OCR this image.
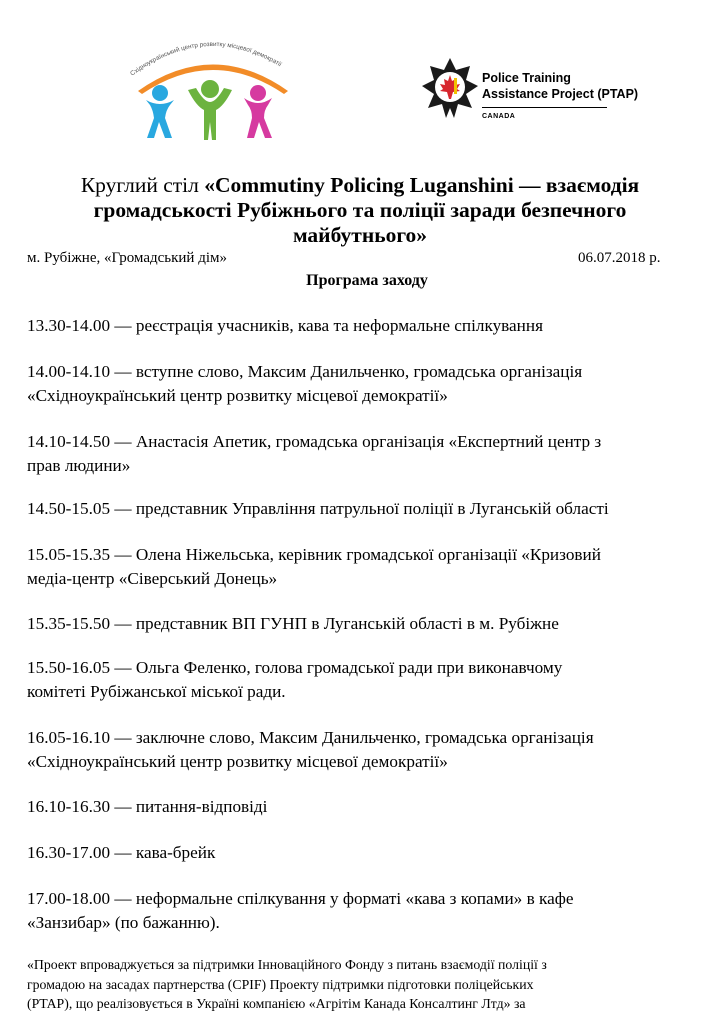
Східноукраїнський центр розвитку місцевої демократії
Police Training
Assistance Project (PTAP)
CANADA
Круглий стіл «Commutiny Policing Luganshini — взаємодія
громадськості Рубіжнього та поліції заради безпечного
майбутнього»
м. Рубіжне, «Громадський дім»	06.07.2018 р.
Програма заходу
13.30-14.00 — реєстрація учасників, кава та неформальне спілкування
14.00-14.10 — вступне слово, Максим Данильченко, громадська організація
«Східноукраїнський центр розвитку місцевої демократії»
14.10-14.50 — Анастасія Апетик, громадська організація «Експертний центр з
прав людини»
14.50-15.05 — представник Управління патрульної поліції в Луганській області
15.05-15.35 — Олена Ніжельська, керівник громадської організації «Кризовий
медіа-центр «Сіверський Донець»
15.35-15.50 — представник ВП ГУНП в Луганській області в м. Рубіжне
15.50-16.05 — Ольга Феленко, голова громадської ради при виконавчому
комітеті Рубіжанської міської ради.
16.05-16.10 — заключне слово, Максим Данильченко, громадська організація
«Східноукраїнський центр розвитку місцевої демократії»
16.10-16.30 — питання-відповіді
16.30-17.00 — кава-брейк
17.00-18.00 — неформальне спілкування у форматі «кава з копами» в кафе
«Занзибар» (по бажанню).
«Проект впроваджується за підтримки Інноваційного Фонду з питань взаємодії поліції з
громадою на засадах партнерства (CPIF) Проекту підтримки підготовки поліцейських
(PTAP), що реалізовується в Україні компанією «Агрітім Канада Консалтинг Лтд» за
